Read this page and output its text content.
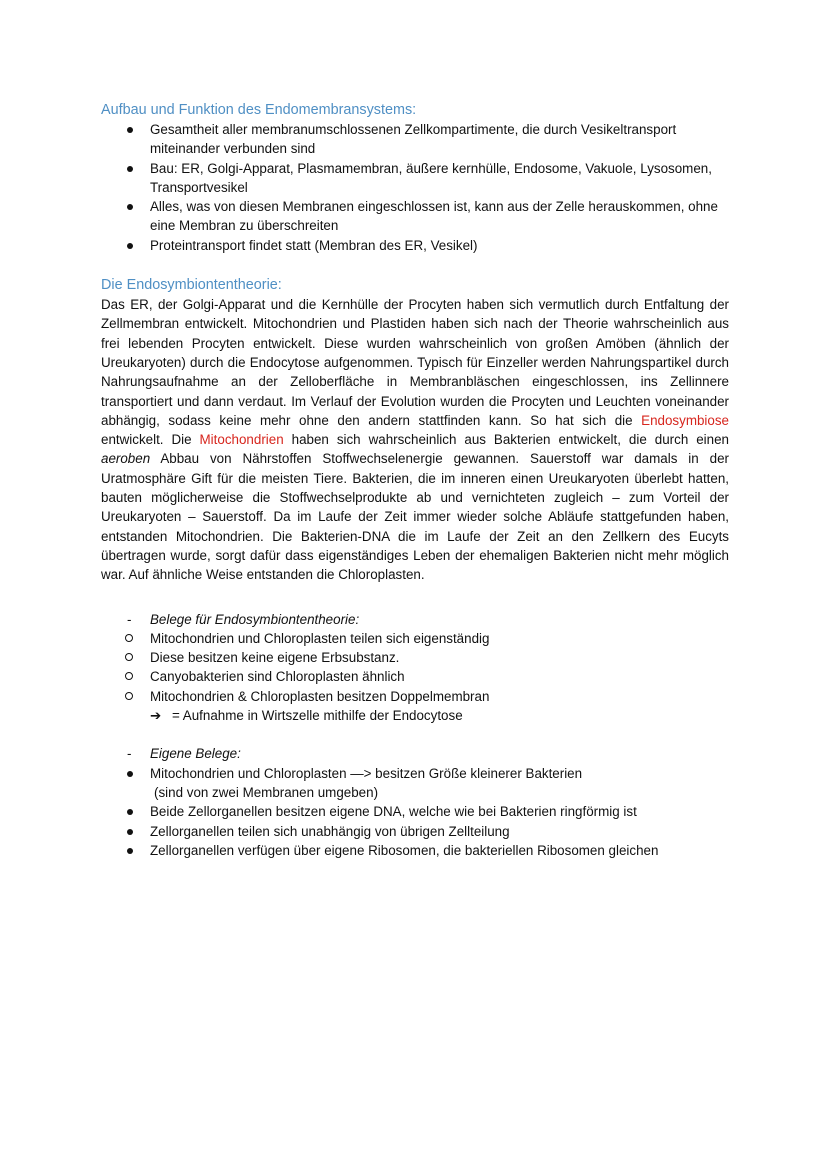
Aufbau und Funktion des Endomembransystems:
Gesamtheit aller membranumschlossenen Zellkompartimente, die durch Vesikeltransport miteinander verbunden sind
Bau: ER, Golgi-Apparat, Plasmamembran, äußere kernhülle, Endosome, Vakuole, Lysosomen, Transportvesikel
Alles, was von diesen Membranen eingeschlossen ist, kann aus der Zelle herauskommen, ohne eine Membran zu überschreiten
Proteintransport findet statt (Membran des ER, Vesikel)
Die Endosymbiontentheorie:

Das ER, der Golgi-Apparat und die Kernhülle der Procyten haben sich vermutlich durch Entfaltung der Zellmembran entwickelt. Mitochondrien und Plastiden haben sich nach der Theorie wahrscheinlich aus frei lebenden Procyten entwickelt. Diese wurden wahrscheinlich von großen Amöben (ähnlich der Ureukaryoten) durch die Endocytose aufgenommen. Typisch für Einzeller werden Nahrungspartikel durch Nahrungsaufnahme an der Zelloberfläche in Membranbläschen eingeschlossen, ins Zellinnere transportiert und dann verdaut. Im Verlauf der Evolution wurden die Procyten und Leuchten voneinander abhängig, sodass keine mehr ohne den andern stattfinden kann. So hat sich die Endosymbiose entwickelt. Die Mitochondrien haben sich wahrscheinlich aus Bakterien entwickelt, die durch einen aeroben Abbau von Nährstoffen Stoffwechselenergie gewannen. Sauerstoff war damals in der Uratmosphäre Gift für die meisten Tiere. Bakterien, die im inneren einen Ureukaryoten überlebt hatten, bauten möglicherweise die Stoffwechselprodukte ab und vernichteten zugleich – zum Vorteil der Ureukaryoten – Sauerstoff. Da im Laufe der Zeit immer wieder solche Abläufe stattgefunden haben, entstanden Mitochondrien. Die Bakterien-DNA die im Laufe der Zeit an den Zellkern des Eucyts übertragen wurde, sorgt dafür dass eigenständiges Leben der ehemaligen Bakterien nicht mehr möglich war. Auf ähnliche Weise entstanden die Chloroplasten.

- Belege für Endosymbiontentheorie:
Mitochondrien und Chloroplasten teilen sich eigenständig
Diese besitzen keine eigene Erbsubstanz.
Canyobakterien sind Chloroplasten ähnlich
Mitochondrien & Chloroplasten besitzen Doppelmembran
➔ = Aufnahme in Wirtszelle mithilfe der Endocytose
- Eigene Belege:
Mitochondrien und Chloroplasten —> besitzen Größe kleinerer Bakterien
(sind von zwei Membranen umgeben)
Beide Zellorganellen besitzen eigene DNA, welche wie bei Bakterien ringförmig ist
Zellorganellen teilen sich unabhängig von übrigen Zellteilung
Zellorganellen verfügen über eigene Ribosomen, die bakteriellen Ribosomen gleichen
